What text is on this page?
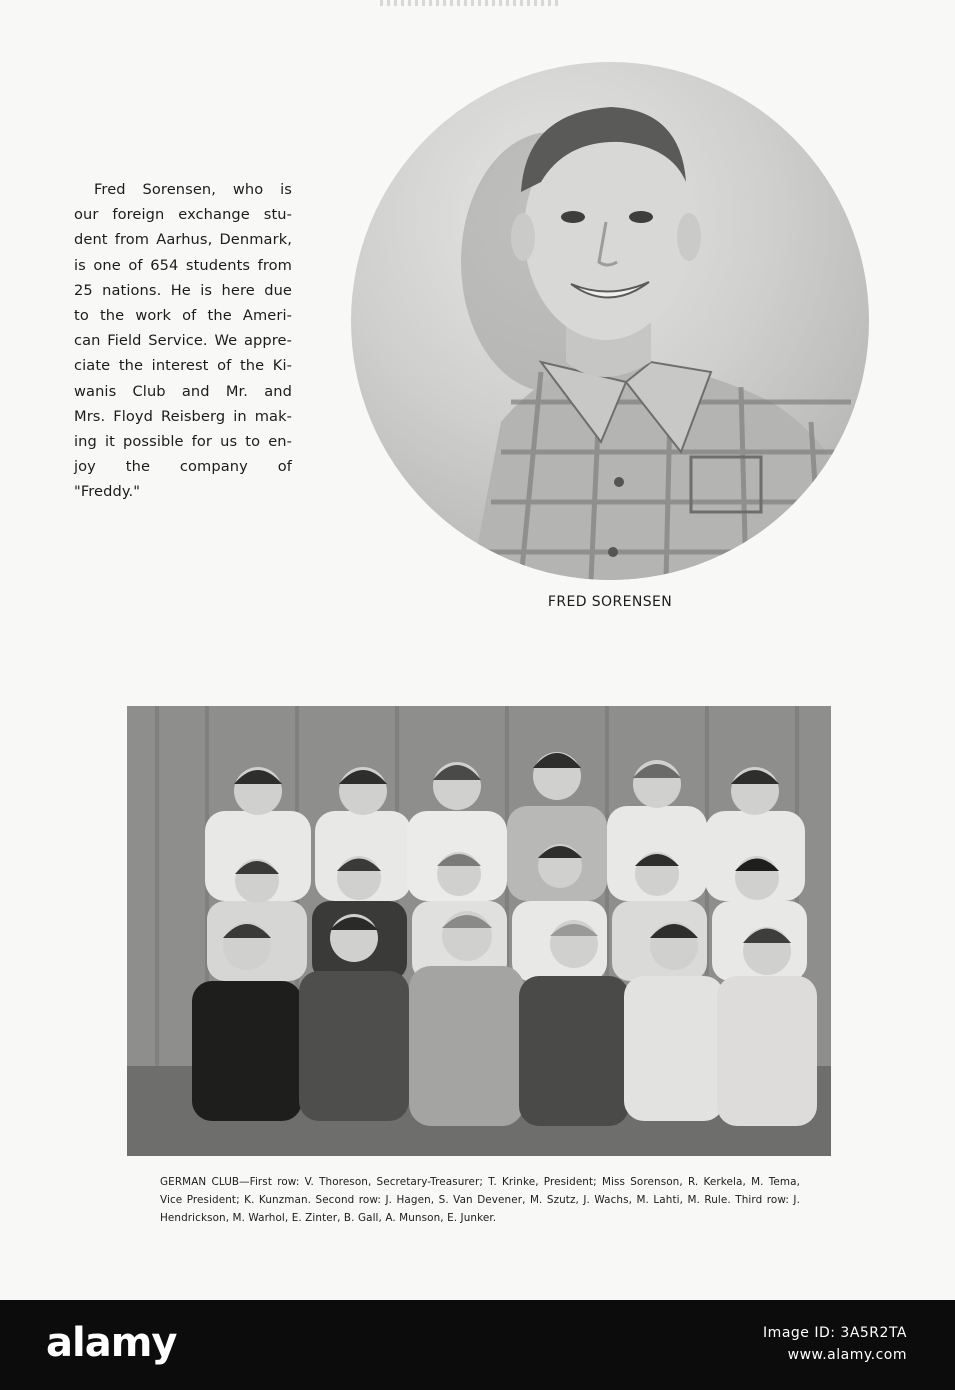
Fred Sorensen, who is
our foreign exchange stu-
dent from Aarhus, Denmark,
is one of 654 students from
25 nations. He is here due
to the work of the Ameri-
can Field Service. We appre-
ciate the interest of the Ki-
wanis Club and Mr. and
Mrs. Floyd Reisberg in mak-
ing it possible for us to en-
joy the company of
"Freddy."
FRED SORENSEN
GERMAN CLUB—First row: V. Thoreson, Secretary-Treasurer; T. Krinke, President; Miss Sorenson, R. Kerkela, M. Tema, Vice President; K. Kunzman. Second row: J. Hagen, S. Van Devener, M. Szutz, J. Wachs, M. Lahti, M. Rule. Third row: J. Hendrickson, M. Warhol, E. Zinter, B. Gall, A. Munson, E. Junker.
alamy	Image ID: 3A5R2TA
www.alamy.com
